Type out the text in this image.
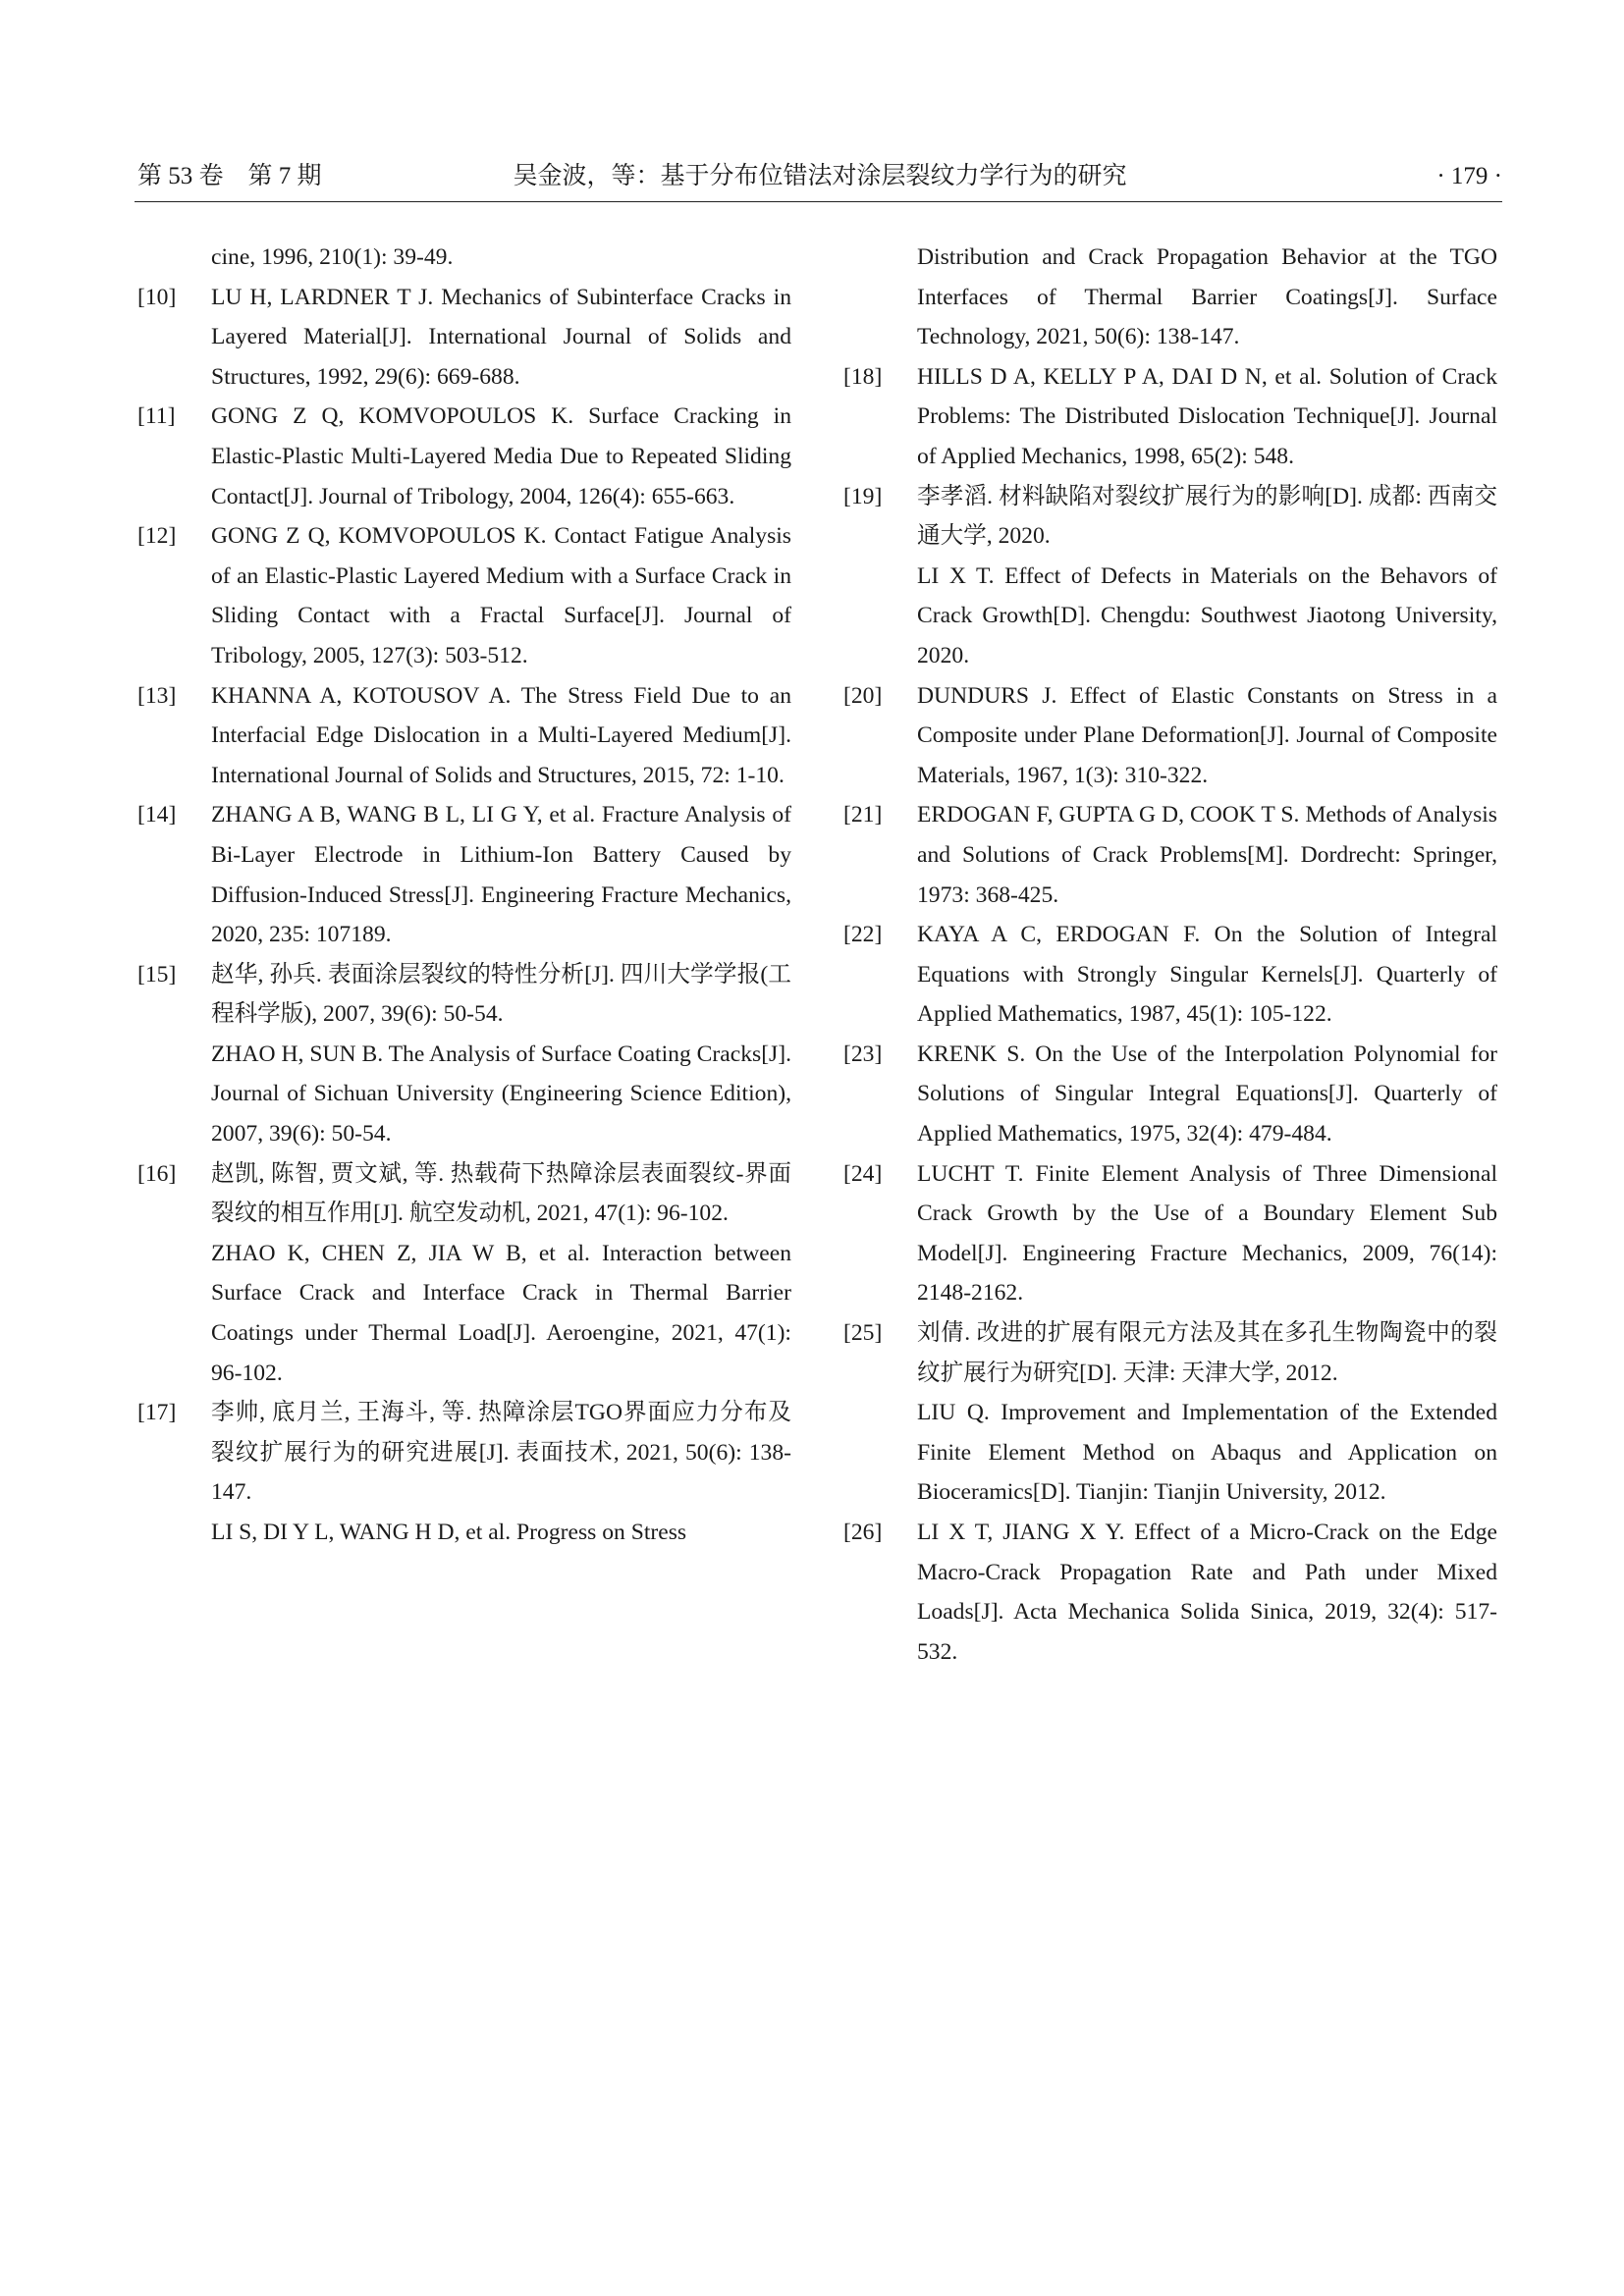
吴金波，等：基于分布位错法对涂层裂纹力学行为的研究
第 53 卷　第 7 期	· 179 ·
cine, 1996, 210(1): 39-49.
[10] LU H, LARDNER T J. Mechanics of Subinterface Cracks in Layered Material[J]. International Journal of Solids and Structures, 1992, 29(6): 669-688.
[11] GONG Z Q, KOMVOPOULOS K. Surface Cracking in Elastic-Plastic Multi-Layered Media Due to Repeated Sliding Contact[J]. Journal of Tribology, 2004, 126(4): 655-663.
[12] GONG Z Q, KOMVOPOULOS K. Contact Fatigue Analysis of an Elastic-Plastic Layered Medium with a Surface Crack in Sliding Contact with a Fractal Surface[J]. Journal of Tribology, 2005, 127(3): 503-512.
[13] KHANNA A, KOTOUSOV A. The Stress Field Due to an Interfacial Edge Dislocation in a Multi-Layered Medium[J]. International Journal of Solids and Structures, 2015, 72: 1-10.
[14] ZHANG A B, WANG B L, LI G Y, et al. Fracture Analysis of Bi-Layer Electrode in Lithium-Ion Battery Caused by Diffusion-Induced Stress[J]. Engineering Fracture Mechanics, 2020, 235: 107189.
[15] 赵华, 孙兵. 表面涂层裂纹的特性分析[J]. 四川大学学报(工程科学版), 2007, 39(6): 50-54.
ZHAO H, SUN B. The Analysis of Surface Coating Cracks[J]. Journal of Sichuan University (Engineering Science Edition), 2007, 39(6): 50-54.
[16] 赵凯, 陈智, 贾文斌, 等. 热载荷下热障涂层表面裂纹-界面裂纹的相互作用[J]. 航空发动机, 2021, 47(1): 96-102.
ZHAO K, CHEN Z, JIA W B, et al. Interaction between Surface Crack and Interface Crack in Thermal Barrier Coatings under Thermal Load[J]. Aeroengine, 2021, 47(1): 96-102.
[17] 李帅, 底月兰, 王海斗, 等. 热障涂层TGO界面应力分布及裂纹扩展行为的研究进展[J]. 表面技术, 2021, 50(6): 138-147.
LI S, DI Y L, WANG H D, et al. Progress on Stress
Distribution and Crack Propagation Behavior at the TGO Interfaces of Thermal Barrier Coatings[J]. Surface Technology, 2021, 50(6): 138-147.
[18] HILLS D A, KELLY P A, DAI D N, et al. Solution of Crack Problems: The Distributed Dislocation Technique[J]. Journal of Applied Mechanics, 1998, 65(2): 548.
[19] 李孝滔. 材料缺陷对裂纹扩展行为的影响[D]. 成都: 西南交通大学, 2020.
LI X T. Effect of Defects in Materials on the Behavors of Crack Growth[D]. Chengdu: Southwest Jiaotong University, 2020.
[20] DUNDURS J. Effect of Elastic Constants on Stress in a Composite under Plane Deformation[J]. Journal of Composite Materials, 1967, 1(3): 310-322.
[21] ERDOGAN F, GUPTA G D, COOK T S. Methods of Analysis and Solutions of Crack Problems[M]. Dordrecht: Springer, 1973: 368-425.
[22] KAYA A C, ERDOGAN F. On the Solution of Integral Equations with Strongly Singular Kernels[J]. Quarterly of Applied Mathematics, 1987, 45(1): 105-122.
[23] KRENK S. On the Use of the Interpolation Polynomial for Solutions of Singular Integral Equations[J]. Quarterly of Applied Mathematics, 1975, 32(4): 479-484.
[24] LUCHT T. Finite Element Analysis of Three Dimensional Crack Growth by the Use of a Boundary Element Sub Model[J]. Engineering Fracture Mechanics, 2009, 76(14): 2148-2162.
[25] 刘倩. 改进的扩展有限元方法及其在多孔生物陶瓷中的裂纹扩展行为研究[D]. 天津: 天津大学, 2012.
LIU Q. Improvement and Implementation of the Extended Finite Element Method on Abaqus and Application on Bioceramics[D]. Tianjin: Tianjin University, 2012.
[26] LI X T, JIANG X Y. Effect of a Micro-Crack on the Edge Macro-Crack Propagation Rate and Path under Mixed Loads[J]. Acta Mechanica Solida Sinica, 2019, 32(4): 517-532.
